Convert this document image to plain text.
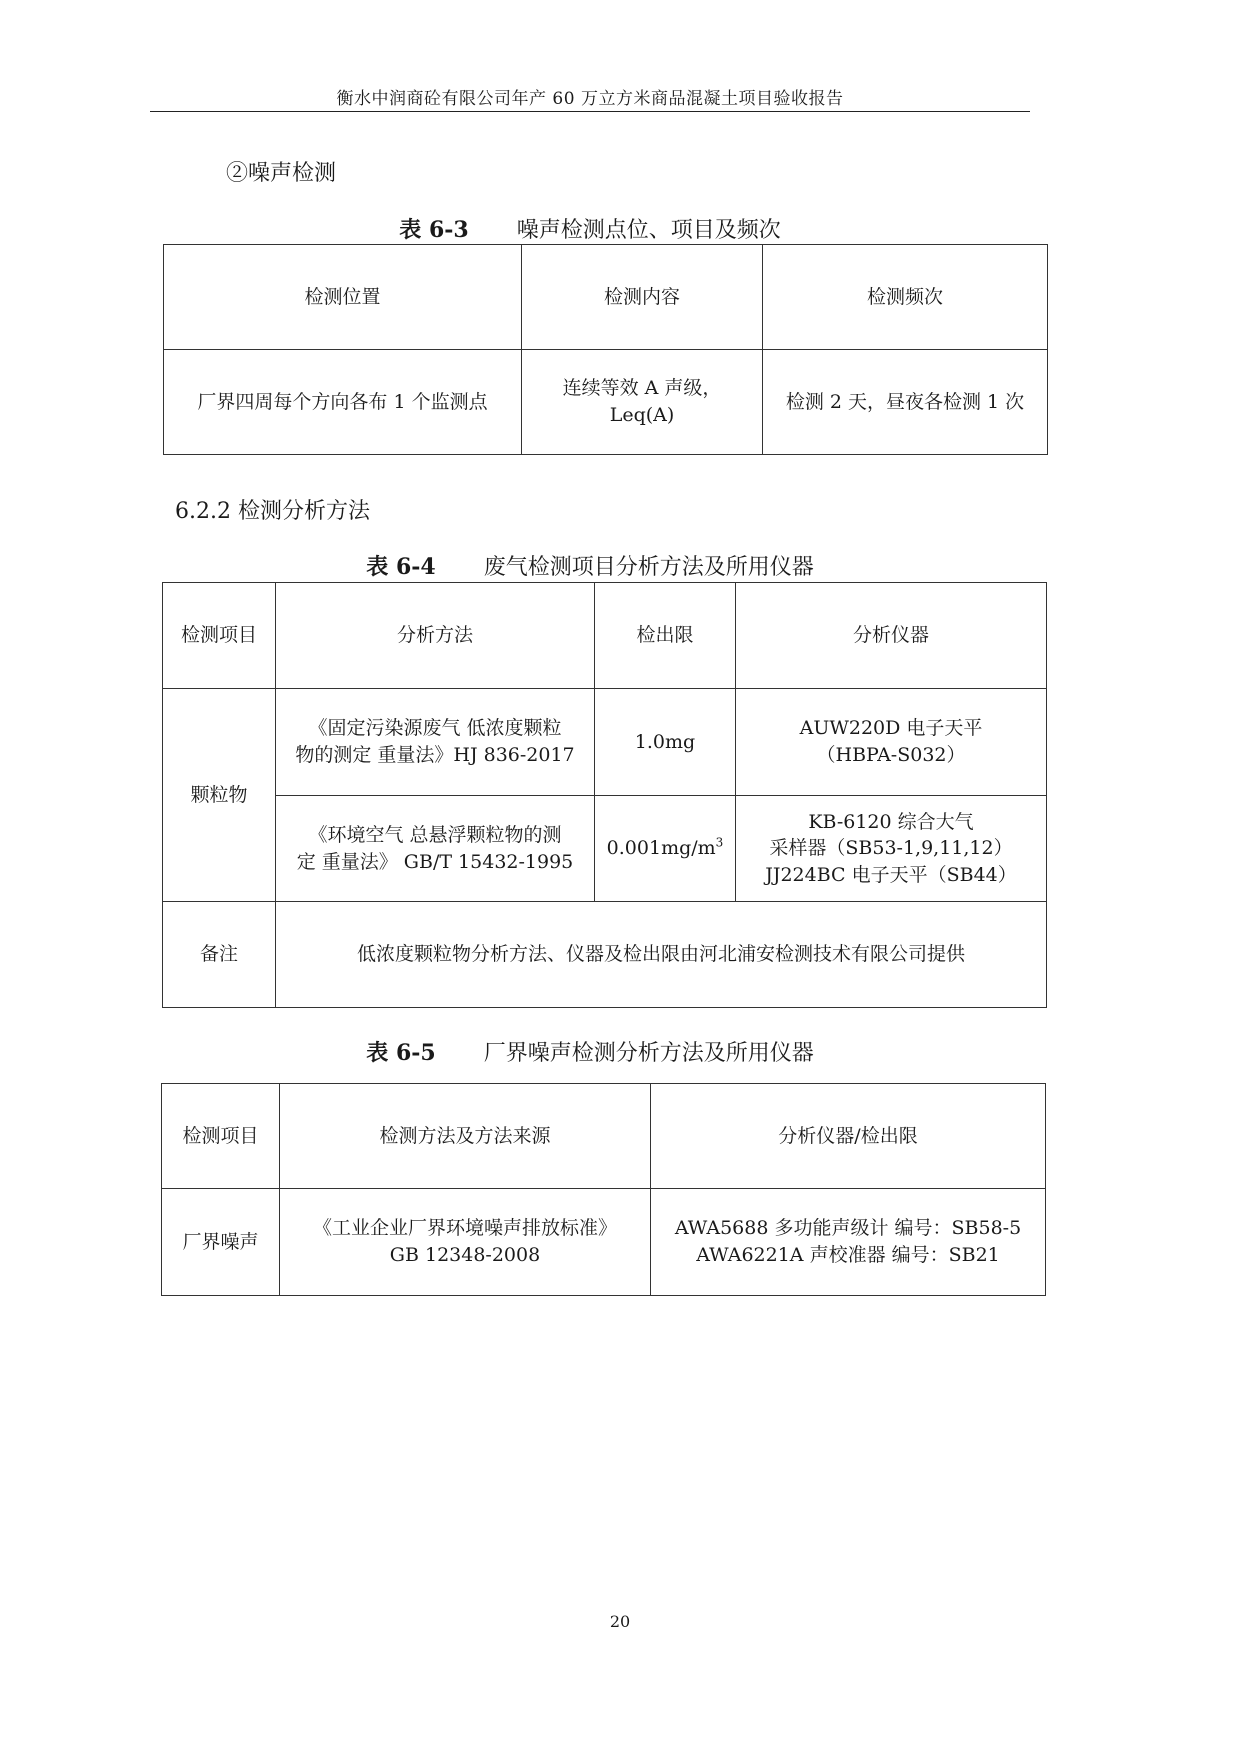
衡水中润商砼有限公司年产 60 万立方米商品混凝土项目验收报告
②噪声检测
表 6-3 噪声检测点位、项目及频次
检测位置	检测内容	检测频次
厂界四周每个方向各布 1 个监测点	连续等效 A 声级，
Leq(A)	检测 2 天，昼夜各检测 1 次
6.2.2 检测分析方法
表 6-4 废气检测项目分析方法及所用仪器
检测项目	分析方法	检出限	分析仪器
颗粒物	《固定污染源废气 低浓度颗粒
物的测定 重量法》HJ 836-2017	1.0mg	AUW220D 电子天平
（HBPA-S032）

	《环境空气 总悬浮颗粒物的测
定 重量法》 GB/T 15432-1995	$0.001mg/m^3$	KB-6120 综合大气
采样器（SB53-1,9,11,12）
JJ224BC 电子天平（SB44）

备注	低浓度颗粒物分析方法、仪器及检出限由河北浦安检测技术有限公司提供		
表 6-5 厂界噪声检测分析方法及所用仪器
检测项目	检测方法及方法来源	分析仪器/检出限
厂界噪声	《工业企业厂界环境噪声排放标准》
GB 12348-2008	AWA5688 多功能声级计 编号：SB58-5
AWA6221A 声校准器 编号：SB21
20
